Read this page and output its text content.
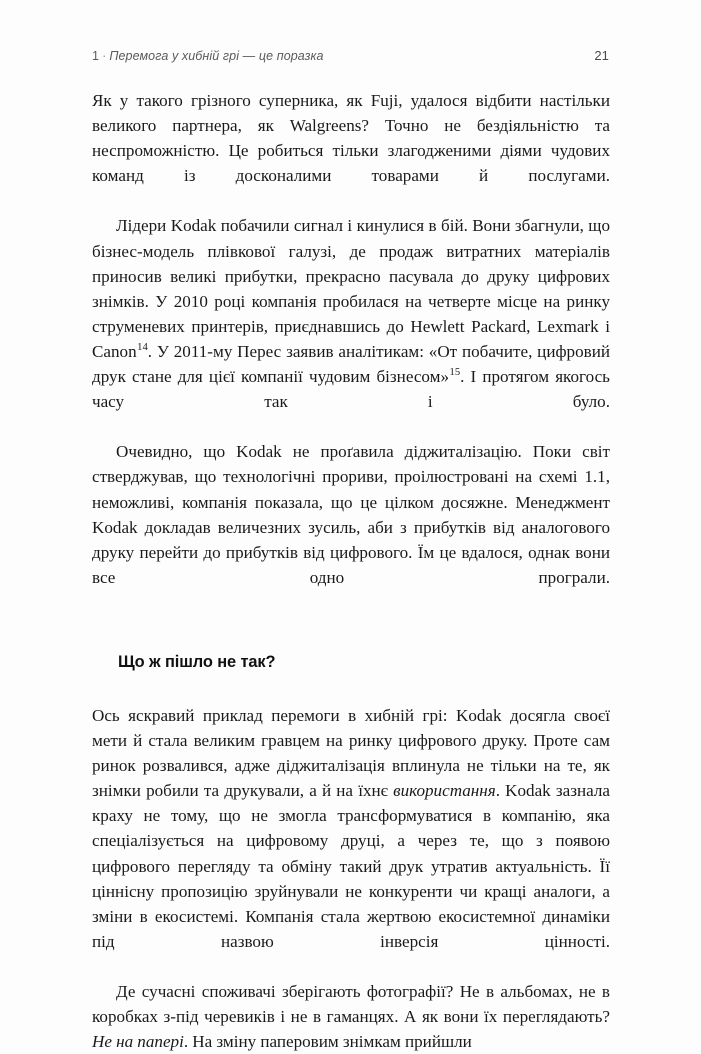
1 · Перемога у хибній грі — це поразка	21

Як у такого грізного суперника, як Fuji, удалося відбити настільки великого партнера, як Walgreens? Точно не бездіяльністю та неспроможністю. Це робиться тільки злагодженими діями чудових команд із досконалими товарами й послугами.

Лідери Kodak побачили сигнал і кинулися в бій. Вони збагнули, що бізнес-модель плівкової галузі, де продаж витратних матеріалів приносив великі прибутки, прекрасно пасувала до друку цифрових знімків. У 2010 році компанія пробилася на четверте місце на ринку струменевих принтерів, приєднавшись до Hewlett Packard, Lexmark i Canon$^{14}$. У 2011-му Перес заявив аналітикам: «От побачите, цифровий друк стане для цієї компанії чудовим бізнесом»$^{15}$. І протягом якогось часу так і було.

Очевидно, що Kodak не проґавила діджиталізацію. Поки світ стверджував, що технологічні прориви, проілюстровані на схемі 1.1, неможливі, компанія показала, що це цілком досяжне. Менеджмент Kodak докладав величезних зусиль, аби з прибутків від аналогового друку перейти до прибутків від цифрового. Їм це вдалося, однак вони все одно програли.

Що ж пішло не так?

Ось яскравий приклад перемоги в хибній грі: Kodak досягла своєї мети й стала великим гравцем на ринку цифрового друку. Проте сам ринок розвалився, адже діджиталізація вплинула не тільки на те, як знімки робили та друкували, а й на їхнє використання. Kodak зазнала краху не тому, що не змогла трансформуватися в компанію, яка спеціалізується на цифровому друці, а через те, що з появою цифрового перегляду та обміну такий друк утратив актуальність. Її ціннісну пропозицію зруйнували не конкуренти чи кращі аналоги, а зміни в екосистемі. Компанія стала жертвою екосистемної динаміки під назвою інверсія цінності.

Де сучасні споживачі зберігають фотографії? Не в альбомах, не в коробках з-під черевиків і не в гаманцях. А як вони їх переглядають? Не на папері. На зміну паперовим знімкам прийшли
